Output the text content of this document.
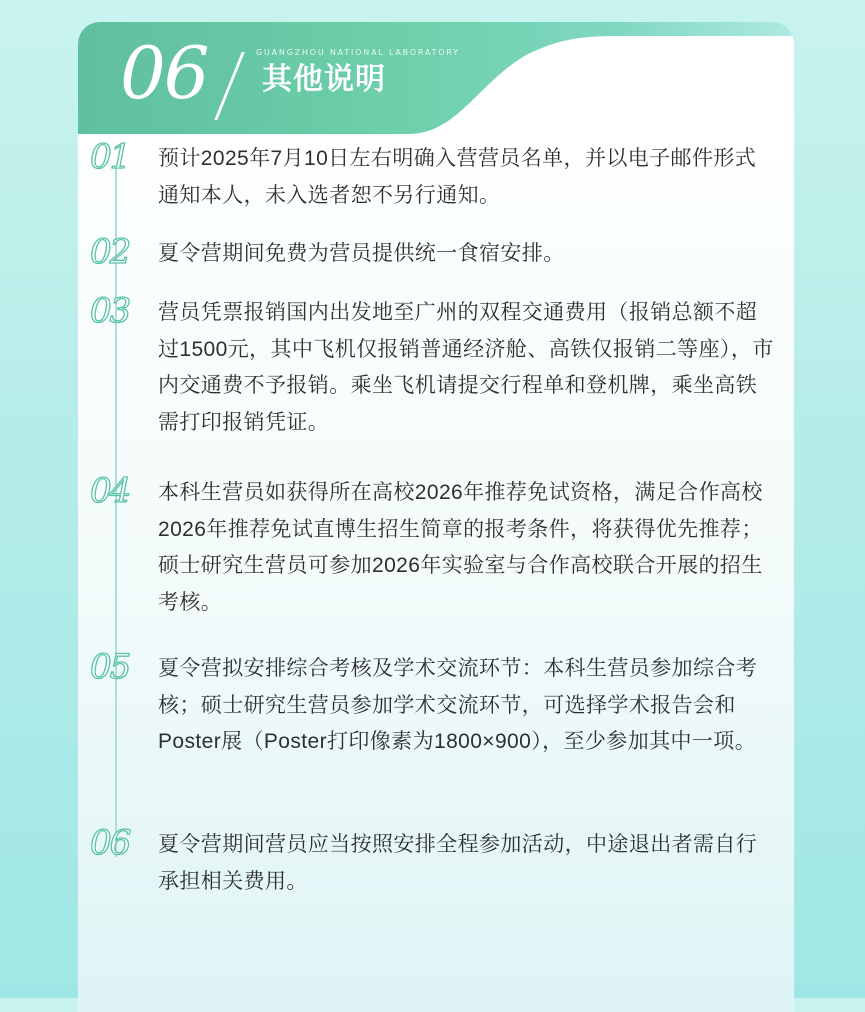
06	GUANGZHOU NATIONAL LABORATORY
其他说明
01	预计2025年7月10日左右明确入营营员名单，并以电子邮件形式通知本人，未入选者恕不另行通知。
02	夏令营期间免费为营员提供统一食宿安排。
03	营员凭票报销国内出发地至广州的双程交通费用（报销总额不超过1500元，其中飞机仅报销普通经济舱、高铁仅报销二等座），市内交通费不予报销。乘坐飞机请提交行程单和登机牌，乘坐高铁需打印报销凭证。
04	本科生营员如获得所在高校2026年推荐免试资格，满足合作高校2026年推荐免试直博生招生简章的报考条件，将获得优先推荐；硕士研究生营员可参加2026年实验室与合作高校联合开展的招生考核。
05	夏令营拟安排综合考核及学术交流环节：本科生营员参加综合考核；硕士研究生营员参加学术交流环节，可选择学术报告会和Poster展（Poster打印像素为1800×900），至少参加其中一项。
06	夏令营期间营员应当按照安排全程参加活动，中途退出者需自行承担相关费用。
